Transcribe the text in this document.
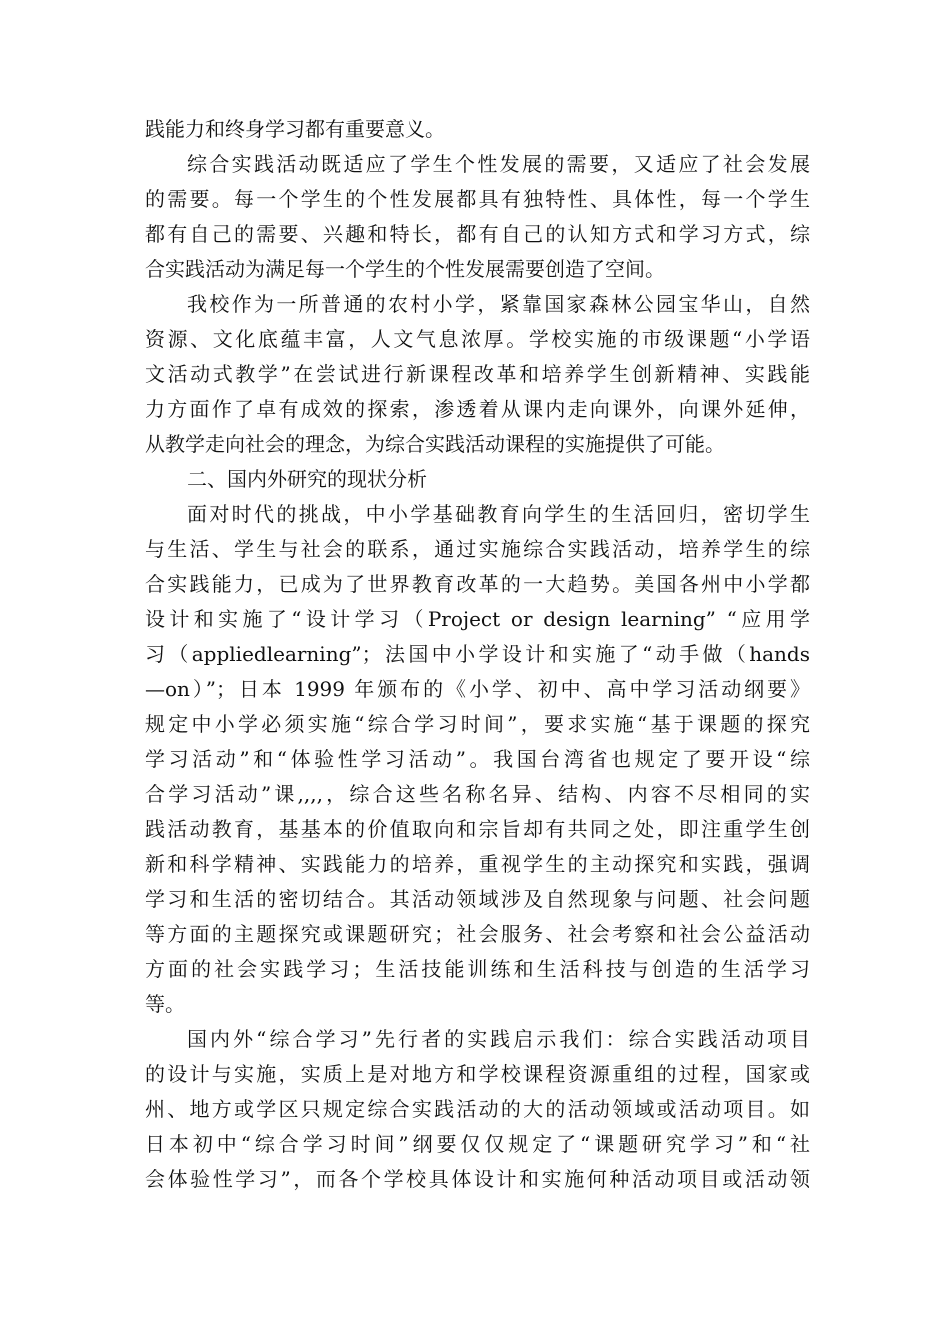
践能力和终身学习都有重要意义。
综合实践活动既适应了学生个性发展的需要，又适应了社会发展
的需要。每一个学生的个性发展都具有独特性、具体性，每一个学生
都有自己的需要、兴趣和特长，都有自己的认知方式和学习方式，综
合实践活动为满足每一个学生的个性发展需要创造了空间。
我校作为一所普通的农村小学，紧靠国家森林公园宝华山，自然
资源、文化底蕴丰富，人文气息浓厚。学校实施的市级课题“小学语
文活动式教学”在尝试进行新课程改革和培养学生创新精神、实践能
力方面作了卓有成效的探索，渗透着从课内走向课外，向课外延伸，
从教学走向社会的理念，为综合实践活动课程的实施提供了可能。
二、国内外研究的现状分析
面对时代的挑战，中小学基础教育向学生的生活回归，密切学生
与生活、学生与社会的联系，通过实施综合实践活动，培养学生的综
合实践能力，已成为了世界教育改革的一大趋势。美国各州中小学都
设计和实施了“设计学习（Project or design learning” “应用学
习（appliedlearning”；法国中小学设计和实施了“动手做（hands
—on）”；日本 1999 年颁布的《小学、初中、高中学习活动纲要》
规定中小学必须实施“综合学习时间”，要求实施“基于课题的探究
学习活动”和“体验性学习活动”。我国台湾省也规定了要开设“综
合学习活动”课,,,,，综合这些名称名异、结构、内容不尽相同的实
践活动教育，基基本的价值取向和宗旨却有共同之处，即注重学生创
新和科学精神、实践能力的培养，重视学生的主动探究和实践，强调
学习和生活的密切结合。其活动领域涉及自然现象与问题、社会问题
等方面的主题探究或课题研究；社会服务、社会考察和社会公益活动
方面的社会实践学习；生活技能训练和生活科技与创造的生活学习
等。
国内外“综合学习”先行者的实践启示我们：综合实践活动项目
的设计与实施，实质上是对地方和学校课程资源重组的过程，国家或
州、地方或学区只规定综合实践活动的大的活动领域或活动项目。如
日本初中“综合学习时间”纲要仅仅规定了“课题研究学习”和“社
会体验性学习”，而各个学校具体设计和实施何种活动项目或活动领
